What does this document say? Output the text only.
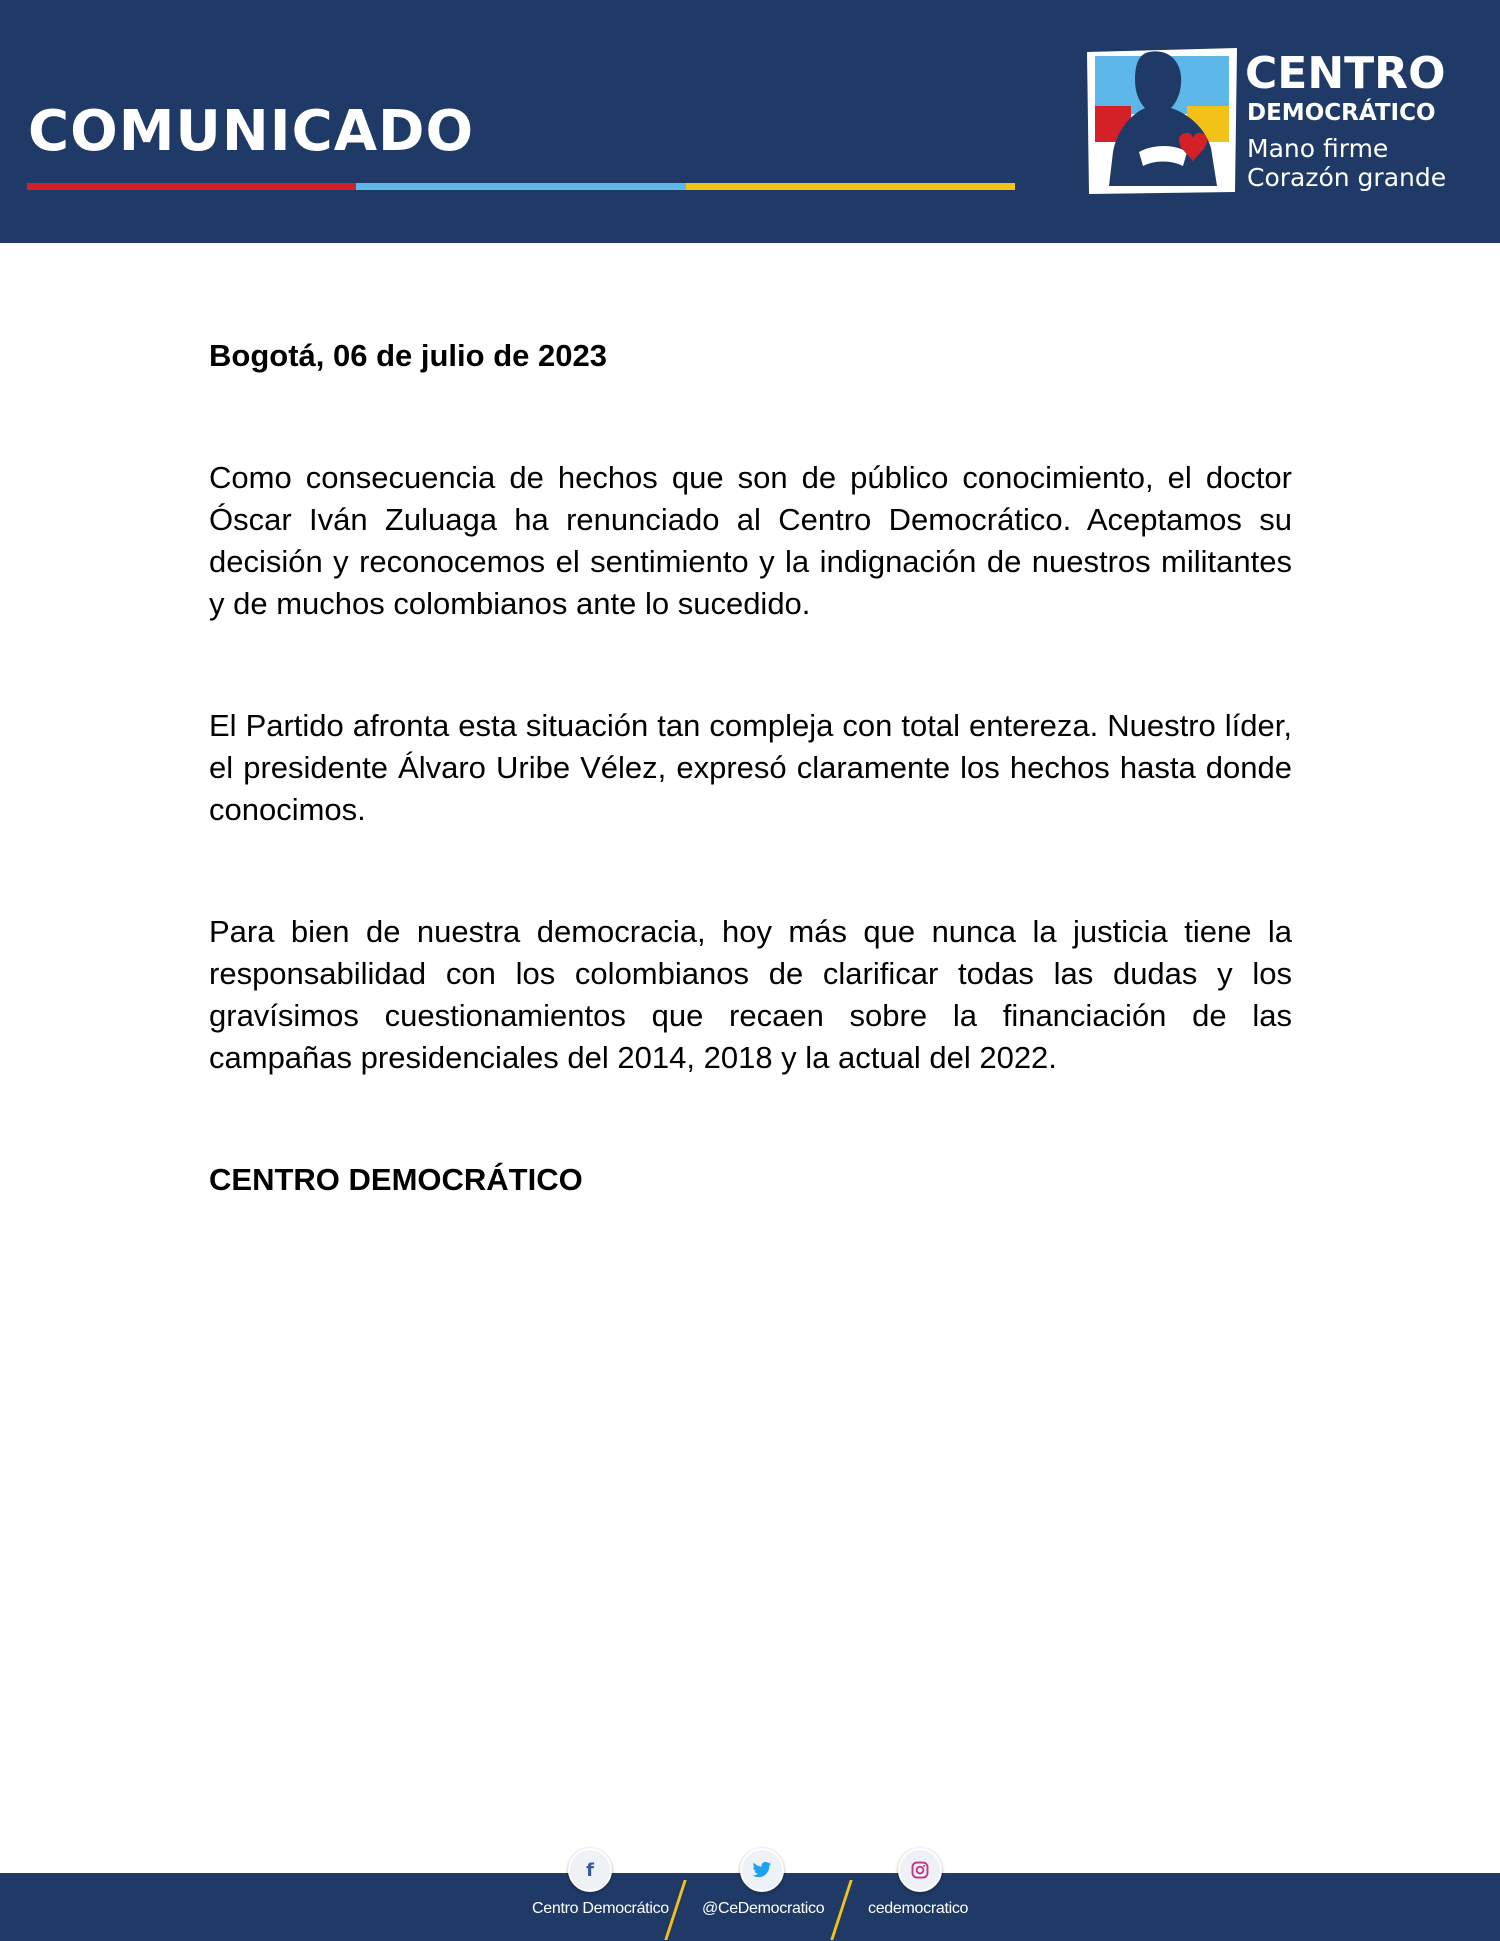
COMUNICADO
CENTRO
DEMOCRÁTICO
Mano firme
Corazón grande

Bogotá, 06 de julio de 2023

Como consecuencia de hechos que son de público conocimiento, el doctor Óscar Iván Zuluaga ha renunciado al Centro Democrático. Aceptamos su decisión y reconocemos el sentimiento y la indignación de nuestros militantes y de muchos colombianos ante lo sucedido.

El Partido afronta esta situación tan compleja con total entereza. Nuestro líder, el presidente Álvaro Uribe Vélez, expresó claramente los hechos hasta donde conocimos.

Para bien de nuestra democracia, hoy más que nunca la justicia tiene la responsabilidad con los colombianos de clarificar todas las dudas y los gravísimos cuestionamientos que recaen sobre la financiación de las campañas presidenciales del 2014, 2018 y la actual del 2022.

CENTRO DEMOCRÁTICO

f
Centro Democrático @CeDemocratico	cedemocratico
